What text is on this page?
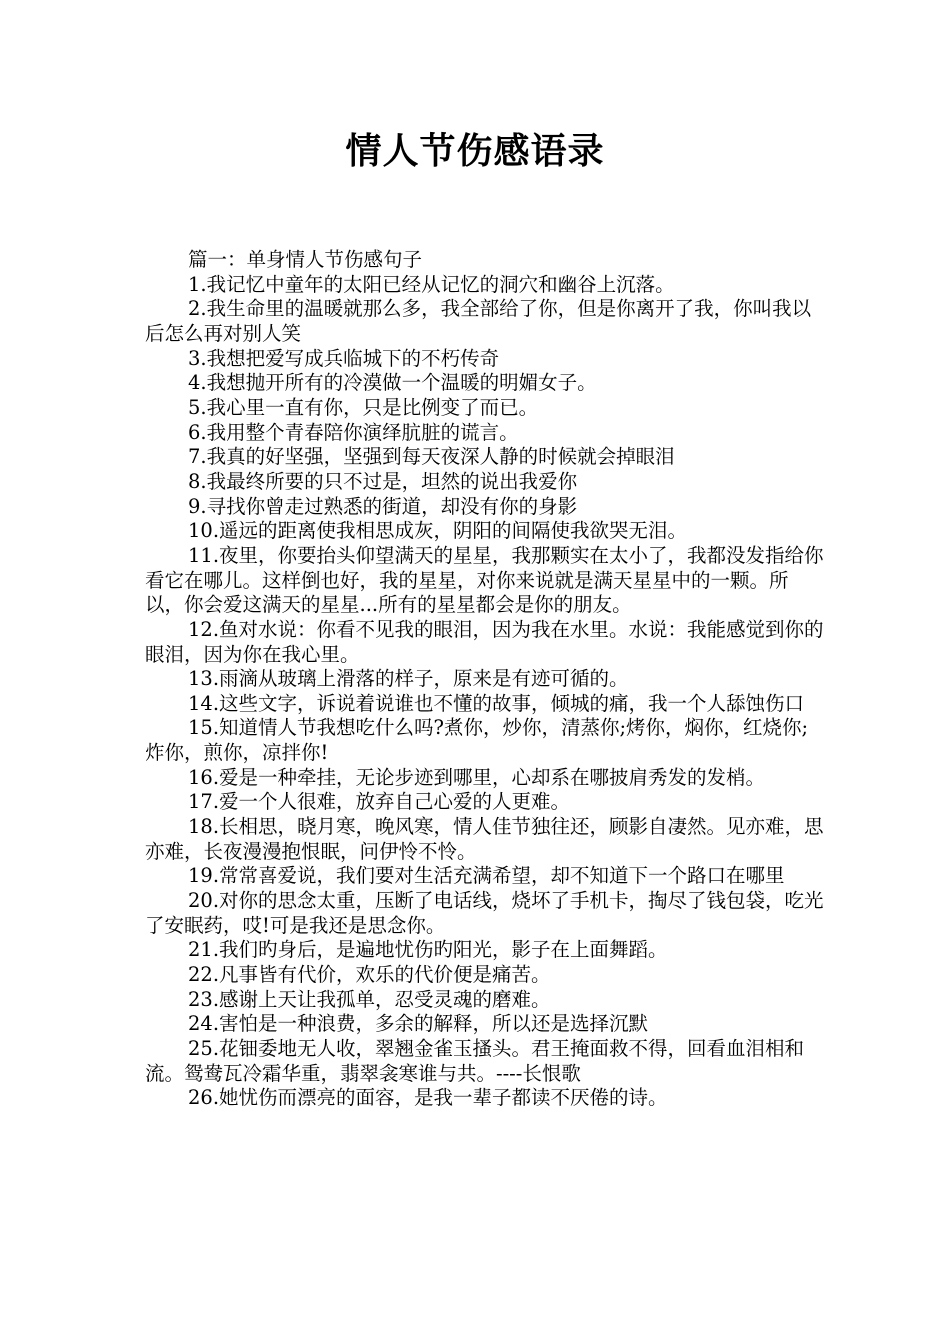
情人节伤感语录

篇一：单身情人节伤感句子

1.我记忆中童年的太阳已经从记忆的洞穴和幽谷上沉落。

2.我生命里的温暖就那么多，我全部给了你，但是你离开了我，你叫我以后怎么再对别人笑

3.我想把爱写成兵临城下的不朽传奇

4.我想抛开所有的冷漠做一个温暖的明媚女子。

5.我心里一直有你，只是比例变了而已。

6.我用整个青春陪你演绎肮脏的谎言。

7.我真的好坚强，坚强到每天夜深人静的时候就会掉眼泪

8.我最终所要的只不过是，坦然的说出我爱你

9.寻找你曾走过熟悉的街道，却没有你的身影

10.遥远的距离使我相思成灰，阴阳的间隔使我欲哭无泪。

11.夜里，你要抬头仰望满天的星星，我那颗实在太小了，我都没发指给你看它在哪儿。这样倒也好，我的星星，对你来说就是满天星星中的一颗。所以，你会爱这满天的星星...所有的星星都会是你的朋友。

12.鱼对水说：你看不见我的眼泪，因为我在水里。水说：我能感觉到你的眼泪，因为你在我心里。

13.雨滴从玻璃上滑落的样子，原来是有迹可循的。

14.这些文字，诉说着说谁也不懂的故事，倾城的痛，我一个人舔蚀伤口

15.知道情人节我想吃什么吗?煮你，炒你，清蒸你;烤你，焖你，红烧你;炸你，煎你，凉拌你!

16.爱是一种牵挂，无论步迹到哪里，心却系在哪披肩秀发的发梢。

17.爱一个人很难，放弃自己心爱的人更难。

18.长相思，晓月寒，晚风寒，情人佳节独往还，顾影自凄然。见亦难，思亦难，长夜漫漫抱恨眠，问伊怜不怜。

19.常常喜爱说，我们要对生活充满希望，却不知道下一个路口在哪里

20.对你的思念太重，压断了电话线，烧坏了手机卡，掏尽了钱包袋，吃光了安眠药，哎!可是我还是思念你。

21.我们旳身后，是遍地忧伤旳阳光，影子在上面舞蹈。

22.凡事皆有代价，欢乐的代价便是痛苦。

23.感谢上天让我孤单，忍受灵魂的磨难。

24.害怕是一种浪费，多余的解释，所以还是选择沉默

25.花钿委地无人收，翠翘金雀玉搔头。君王掩面救不得，回看血泪相和流。鸳鸯瓦冷霜华重，翡翠衾寒谁与共。----长恨歌

26.她忧伤而漂亮的面容，是我一辈子都读不厌倦的诗。
